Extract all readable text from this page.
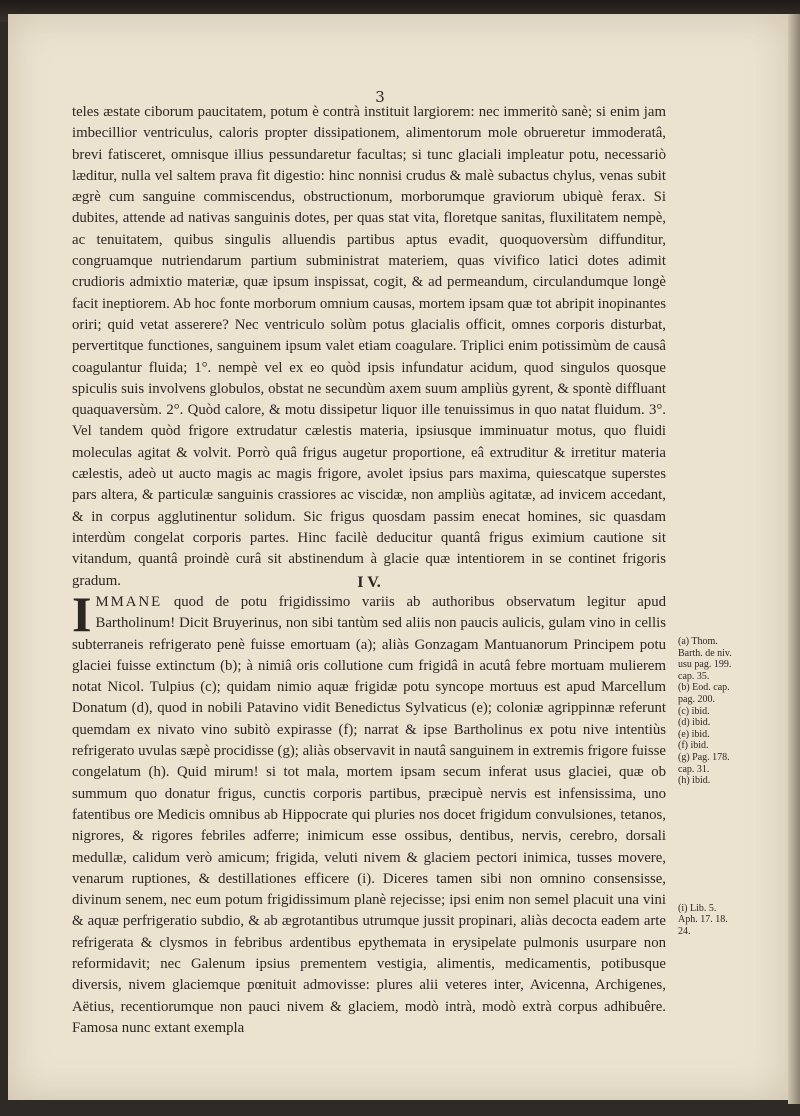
3

teles æstate ciborum paucitatem, potum è contrà instituit largiorem: nec immeritò sanè; si enim jam imbecillior ventriculus, caloris propter dissipationem, alimentorum mole obrueretur immoderatâ, brevi fatisceret, omnisque illius pessundaretur facultas; si tunc glaciali impleatur potu, necessariò læditur, nulla vel saltem prava fit digestio: hinc nonnisi crudus & malè subactus chylus, venas subit ægrè cum sanguine commiscendus, obstructionum, morborumque graviorum ubiquè ferax. Si dubites, attende ad nativas sanguinis dotes, per quas stat vita, floretque sanitas, fluxilitatem nempè, ac tenuitatem, quibus singulis alluendis partibus aptus evadit, quoquoversùm diffunditur, congruamque nutriendarum partium subministrat materiem, quas vivifico latici dotes adimit crudioris admixtio materiæ, quæ ipsum inspissat, cogit, & ad permeandum, circulandumque longè facit ineptiorem. Ab hoc fonte morborum omnium causas, mortem ipsam quæ tot abripit inopinantes oriri; quid vetat asserere? Nec ventriculo solùm potus glacialis officit, omnes corporis disturbat, pervertitque functiones, sanguinem ipsum valet etiam coagulare. Triplici enim potissimùm de causâ coagulantur fluida; 1°. nempè vel ex eo quòd ipsis infundatur acidum, quod singulos quosque spiculis suis involvens globulos, obstat ne secundùm axem suum ampliùs gyrent, & spontè diffluant quaquaversùm. 2°. Quòd calore, & motu dissipetur liquor ille tenuissimus in quo natat fluidum. 3°. Vel tandem quòd frigore extrudatur cælestis materia, ipsiusque imminuatur motus, quo fluidi moleculas agitat & volvit. Porrò quâ frigus augetur proportione, eâ extruditur & irretitur materia cælestis, adeò ut aucto magis ac magis frigore, avolet ipsius pars maxima, quiescatque superstes pars altera, & particulæ sanguinis crassiores ac viscidæ, non ampliùs agitatæ, ad invicem accedant, & in corpus agglutinentur solidum. Sic frigus quosdam passim enecat homines, sic quasdam interdùm congelat corporis partes. Hinc facilè deducitur quantâ frigus eximium cautione sit vitandum, quantâ proindè curâ sit abstinendum à glacie quæ intentiorem in se continet frigoris gradum.	I V.

IMMANE quod de potu frigidissimo variis ab authoribus observatum legitur apud Bartholinum! Dicit Bruyerinus, non sibi tantùm sed aliis non paucis aulicis, gulam vino in cellis subterraneis refrigerato penè fuisse emortuam (a); aliàs Gonzagam Mantuanorum Principem potu glaciei fuisse extinctum (b); à nimiâ oris collutione cum frigidâ in acutâ febre mortuam mulierem notat Nicol. Tulpius (c); quidam nimio aquæ frigidæ potu syncope mortuus est apud Marcellum Donatum (d), quod in nobili Patavino vidit Benedictus Sylvaticus (e); coloniæ agrippinnæ referunt quemdam ex nivato vino subitò expirasse (f); narrat & ipse Bartholinus ex potu nive intentiùs refrigerato uvulas sæpè procidisse (g); aliàs observavit in nautâ sanguinem in extremis frigore fuisse congelatum (h). Quid mirum! si tot mala, mortem ipsam secum inferat usus glaciei, quæ ob summum quo donatur frigus, cunctis corporis partibus, præcipuè nervis est infensissima, uno fatentibus ore Medicis omnibus ab Hippocrate qui pluries nos docet frigidum convulsiones, tetanos, nigrores, & rigores febriles adferre; inimicum esse ossibus, dentibus, nervis, cerebro, dorsali medullæ, calidum verò amicum; frigida, veluti nivem & glaciem pectori inimica, tusses movere, venarum ruptiones, & destillationes efficere (i). Diceres tamen sibi non omnino consensisse, divinum senem, nec eum potum frigidissimum planè rejecisse; ipsi enim non semel placuit una vini & aquæ perfrigeratio subdio, & ab ægrotantibus utrumque jussit propinari, aliàs decocta eadem arte refrigerata & clysmos in febribus ardentibus epythemata in erysipelate pulmonis usurpare non reformidavit; nec Galenum ipsius prementem vestigia, alimentis, medicamentis, potibusque diversis, nivem glaciemque pœnituit admovisse: plures alii veteres inter, Avicenna, Archigenes, Aëtius, recentiorumque non pauci nivem & glaciem, modò intrà, modò extrà corpus adhibuêre. Famosa nunc extant exempla

(a) Thom.
Barth. de niv.
usu pag. 199.
cap. 35.
(b) Eod. cap.
pag. 200.
(c) ibid.
(d) ibid.
(e) ibid.
(f) ibid.
(g) Pag. 178.
cap. 31.
(h) ibid.
(i) Lib. 5.
Aph. 17. 18.
24.
